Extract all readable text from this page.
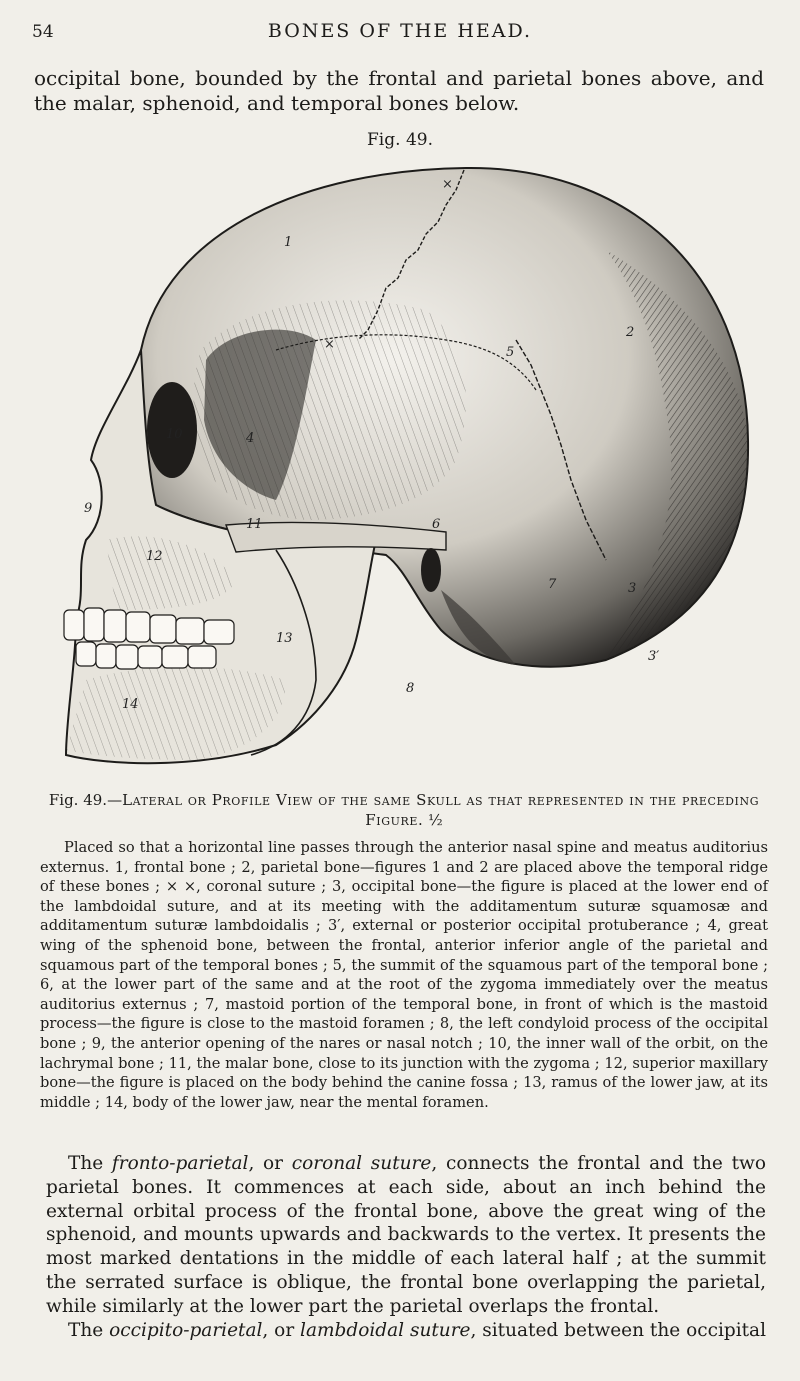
54	BONES OF THE HEAD.
occipital bone, bounded by the frontal and parietal bones above, and the malar, sphenoid, and temporal bones below.
Fig. 49.
1
2
3
3′
4
5
6
7
8
9
10
11
12
13
14
×
×
Fig. 49.—Lateral or Profile View of the same Skull as that represented in the preceding Figure. ½

Placed so that a horizontal line passes through the anterior nasal spine and meatus auditorius externus. 1, frontal bone ; 2, parietal bone—figures 1 and 2 are placed above the temporal ridge of these bones ; × ×, coronal suture ; 3, occipital bone—the figure is placed at the lower end of the lambdoidal suture, and at its meeting with the additamentum suturæ squamosæ and additamentum suturæ lambdoidalis ; 3′, external or posterior occipital protuberance ; 4, great wing of the sphenoid bone, between the frontal, anterior inferior angle of the parietal and squamous part of the temporal bones ; 5, the summit of the squamous part of the temporal bone ; 6, at the lower part of the same and at the root of the zygoma immediately over the meatus auditorius externus ; 7, mastoid portion of the temporal bone, in front of which is the mastoid process—the figure is close to the mastoid foramen ; 8, the left condyloid process of the occipital bone ; 9, the anterior opening of the nares or nasal notch ; 10, the inner wall of the orbit, on the lachrymal bone ; 11, the malar bone, close to its junction with the zygoma ; 12, superior maxillary bone—the figure is placed on the body behind the canine fossa ; 13, ramus of the lower jaw, at its middle ; 14, body of the lower jaw, near the mental foramen.

The fronto-parietal, or coronal suture, connects the frontal and the two parietal bones. It commences at each side, about an inch behind the external orbital process of the frontal bone, above the great wing of the sphenoid, and mounts upwards and backwards to the vertex. It presents the most marked dentations in the middle of each lateral half ; at the summit the serrated surface is oblique, the frontal bone overlapping the parietal, while similarly at the lower part the parietal overlaps the frontal.

The occipito-parietal, or lambdoidal suture, situated between the occipital
